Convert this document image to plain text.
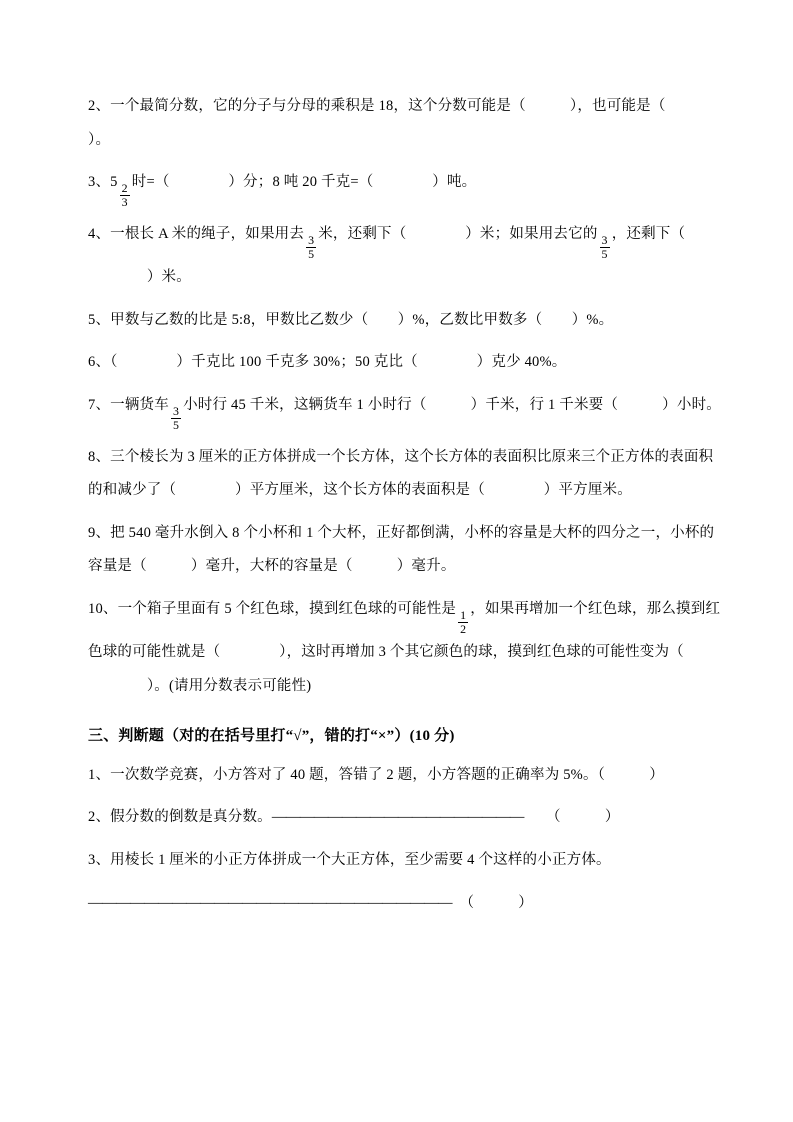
2、一个最简分数，它的分子与分母的乘积是 18，这个分数可能是（　　　	），也可能是（　　　）。

3、5
$\frac{2}{3}$
时=（　　　　	）分；8 吨 20 千克=（　　　　	）吨。

4、一根长 A 米的绳子，如果用去
$\frac{3}{5}$
米，还剩下（　　　　	）米；如果用去它的
$\frac{3}{5}$
，还剩下（　　　　）米。

5、甲数与乙数的比是 5:8，甲数比乙数少（　　 ）%，乙数比甲数多（　　 ）%。

6、（　　　　	）千克比 100 千克多 30%；50 克比（　　　　	）克少 40%。

7、一辆货车
$\frac{3}{5}$
小时行 45 千米，这辆货车 1 小时行（　　　	）千米，行 1 千米要（　　　	）小时。

8、三个棱长为 3 厘米的正方体拼成一个长方体，这个长方体的表面积比原来三个正方体的表面积的和减少了（　　　　	）平方厘米，这个长方体的表面积是（　　　　	）平方厘米。

9、把 540 毫升水倒入 8 个小杯和 1 个大杯，正好都倒满，小杯的容量是大杯的四分之一，小杯的容量是（　　　	）毫升，大杯的容量是（　　　	）毫升。

10、一个箱子里面有 5 个红色球，摸到红色球的可能性是
$\frac{1}{2}$
，如果再增加一个红色球，那么摸到红色球的可能性就是（　　　　	），这时再增加 3 个其它颜色的球，摸到红色球的可能性变为（　　　　）。(请用分数表示可能性)

三、判断题（对的在括号里打“√”，错的打“×”）(10 分)

1、一次数学竞赛，小方答对了 40 题，答错了 2 题，小方答题的正确率为 5%。（　　　	）

2、假分数的倒数是真分数。——————————————————　　（　　　	）

3、用棱长 1 厘米的小正方体拼成一个大正方体，至少需要 4 个这样的小正方体。

——————————————————————————　（　　　	）
